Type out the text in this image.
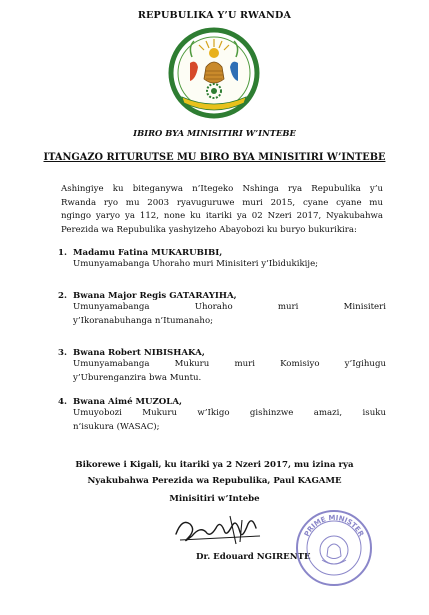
REPUBULIKA Y’U RWANDA
IBIRO BYA MINISITIRI W’INTEBE
ITANGAZO RITURUTSE MU BIRO BYA MINISITIRI W’INTEBE
Ashingiye ku biteganywa n’Itegeko Nshinga rya Repubulika y’u
Rwanda ryo mu 2003 ryavuguruwe muri 2015, cyane cyane mu
ngingo yaryo ya 112, none ku itariki ya 02 Nzeri 2017, Nyakubahwa
Perezida wa Repubulika yashyizeho Abayobozi ku buryo bukurikira:
1. Madamu Fatina MUKARUBIBI,
Umunyamabanga Uhoraho muri Minisiteri y’Ibidukikije;
2. Bwana Major Regis GATARAYIHA,
Umunyamabanga Uhoraho muri Minisiteri
y’Ikoranabuhanga n’Itumanaho;
3. Bwana Robert NIBISHAKA,
Umunyamabanga Mukuru muri Komisiyo y’Igihugu
y’Uburenganzira bwa Muntu.
4. Bwana Aimé MUZOLA,
Umuyobozi Mukuru w’Ikigo gishinzwe amazi, isuku
n’isukura (WASAC);
Bikorewe i Kigali, ku itariki ya 2 Nzeri 2017, mu izina rya
Nyakubahwa Perezida wa Repubulika, Paul KAGAME
Minisitiri w’Intebe
Dr. Edouard NGIRENTE
PRIME MINISTER
